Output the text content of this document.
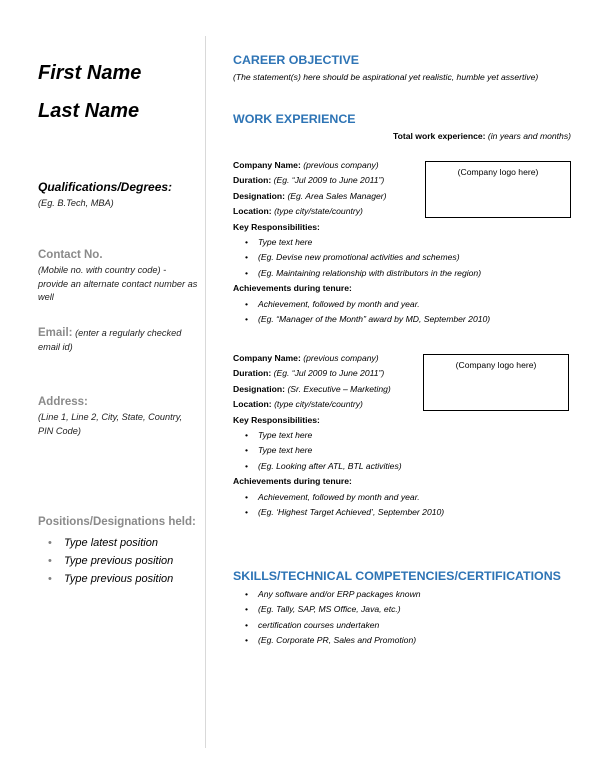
First Name
Last Name
Qualifications/Degrees:
(Eg. B.Tech, MBA)
Contact No.
(Mobile no. with country code) - provide an alternate contact number as well
Email: (enter a regularly checked email id)
Address:
(Line 1, Line 2, City, State, Country, PIN Code)
Positions/Designations held:
• Type latest position
• Type previous position
• Type previous position
CAREER OBJECTIVE
(The statement(s) here should be aspirational yet realistic, humble yet assertive)
WORK EXPERIENCE
Total work experience: (in years and months)
Company Name: (previous company)
Duration: (Eg. “Jul 2009 to June 2011”)
Designation: (Eg. Area Sales Manager)
Location: (type city/state/country)
Key Responsibilities:
• Type text here
• (Eg. Devise new promotional activities and schemes)
• (Eg. Maintaining relationship with distributors in the region)
Achievements during tenure:
• Achievement, followed by month and year.
• (Eg. “Manager of the Month” award by MD, September 2010)
(Company logo here)
Company Name: (previous company)
Duration: (Eg. “Jul 2009 to June 2011”)
Designation: (Sr. Executive – Marketing)
Location: (type city/state/country)
Key Responsibilities:
• Type text here
• Type text here
• (Eg. Looking after ATL, BTL activities)
Achievements during tenure:
• Achievement, followed by month and year.
• (Eg. ‘Highest Target Achieved’, September 2010)
(Company logo here)
SKILLS/TECHNICAL COMPETENCIES/CERTIFICATIONS
• Any software and/or ERP packages known
• (Eg. Tally, SAP, MS Office, Java, etc.)
• certification courses undertaken
• (Eg. Corporate PR, Sales and Promotion)
